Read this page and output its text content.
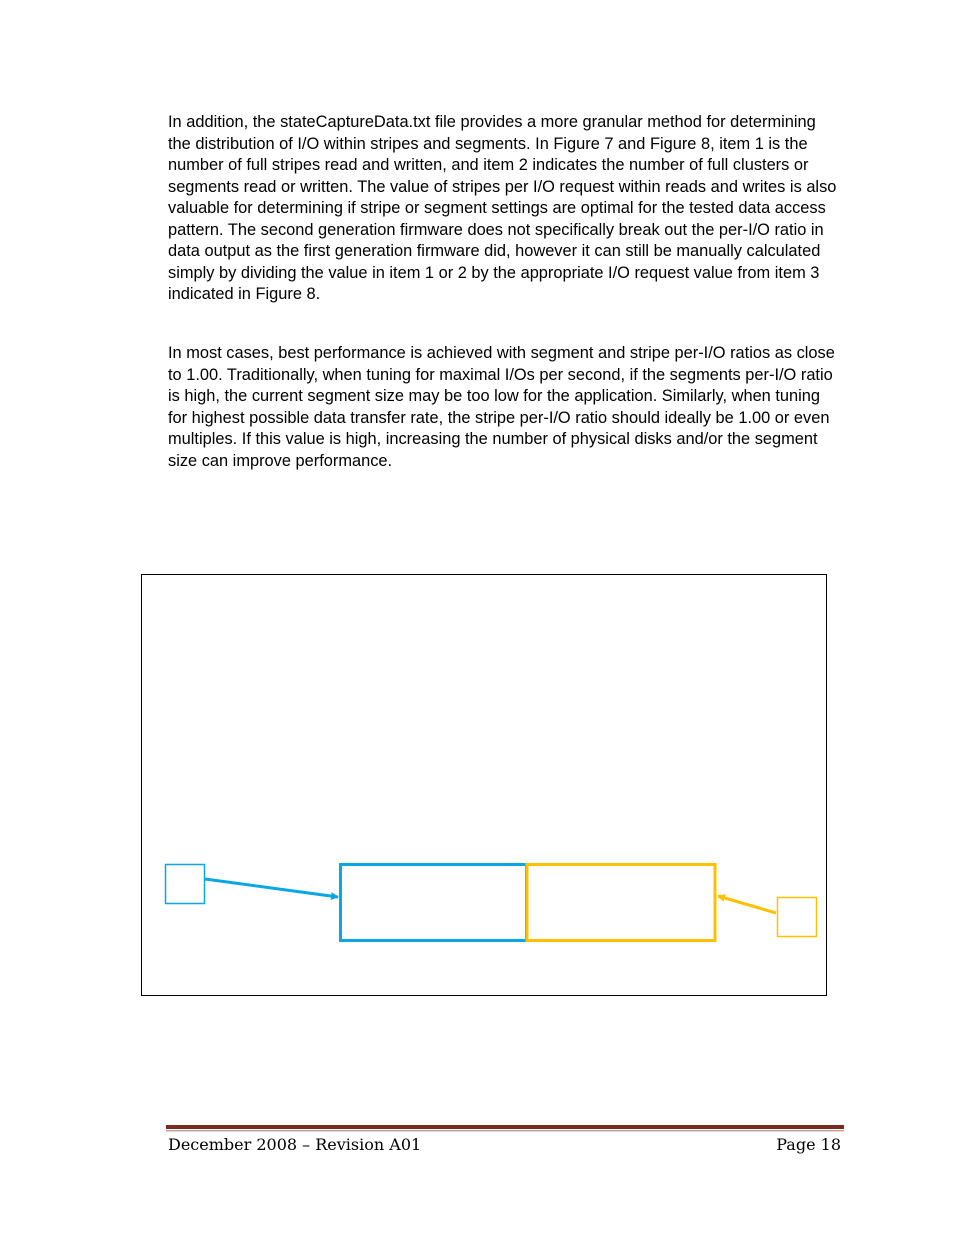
In addition, the stateCaptureData.txt file provides a more granular method for determining the distribution of I/O within stripes and segments. In Figure 7 and Figure 8, item 1 is the number of full stripes read and written, and item 2 indicates the number of full clusters or segments read or written. The value of stripes per I/O request within reads and writes is also valuable for determining if stripe or segment settings are optimal for the tested data access pattern. The second generation firmware does not specifically break out the per-I/O ratio in data output as the first generation firmware did, however it can still be manually calculated simply by dividing the value in item 1 or 2 by the appropriate I/O request value from item 3 indicated in Figure 8.

In most cases, best performance is achieved with segment and stripe per-I/O ratios as close to 1.00. Traditionally, when tuning for maximal I/Os per second, if the segments per-I/O ratio is high, the current segment size may be too low for the application. Similarly, when tuning for highest possible data transfer rate, the stripe per-I/O ratio should ideally be 1.00 or even multiples. If this value is high, increasing the number of physical disks and/or the segment size can improve performance.

December 2008 – Revision A01	Page 18
